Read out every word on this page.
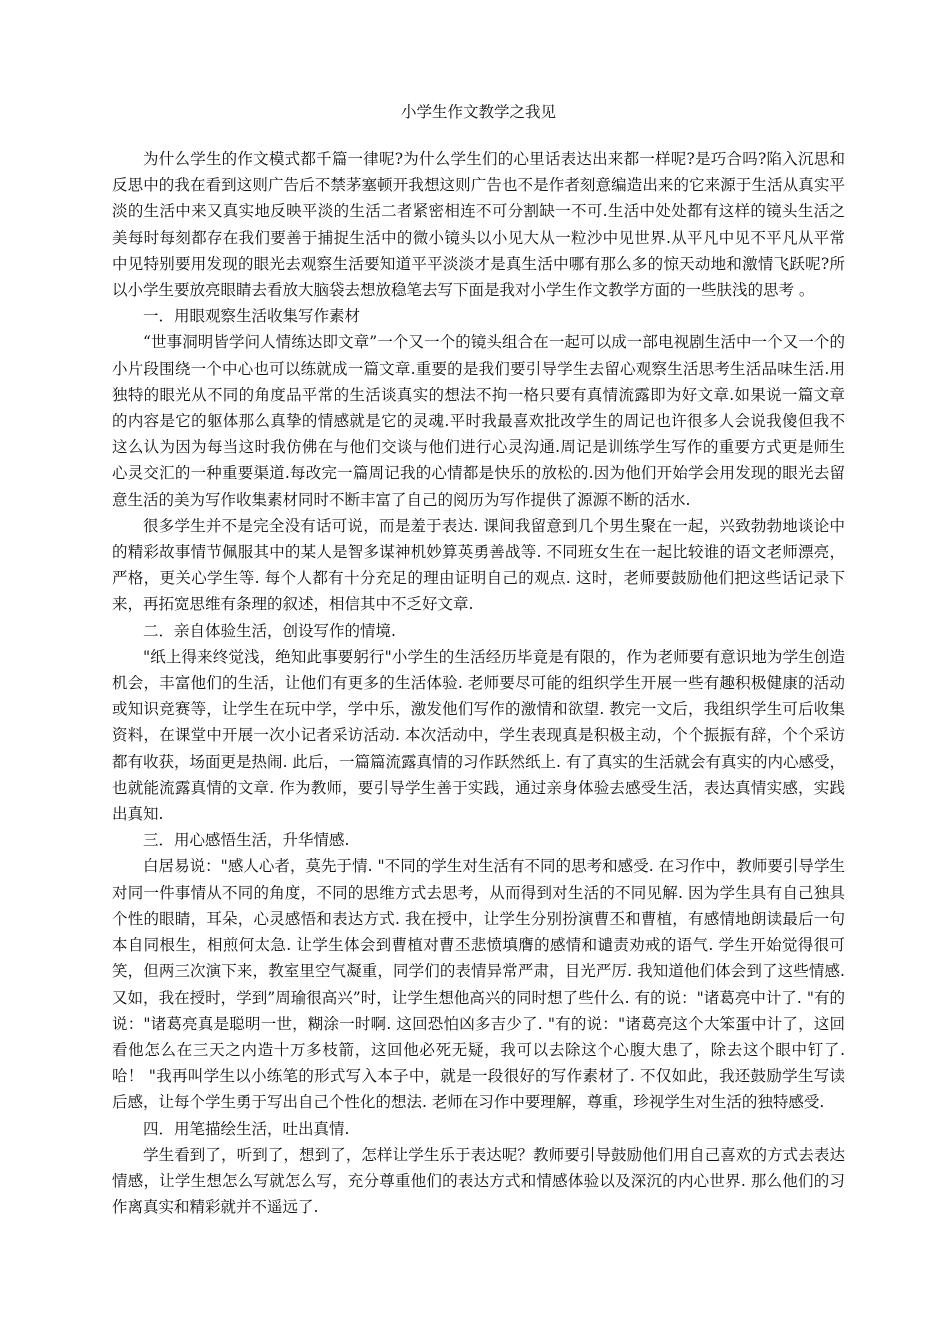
小学生作文教学之我见

为什么学生的作文模式都千篇一律呢?为什么学生们的心里话表达出来都一样呢?是巧合吗?陷入沉思和反思中的我在看到这则广告后不禁茅塞顿开我想这则广告也不是作者刻意编造出来的它来源于生活从真实平淡的生活中来又真实地反映平淡的生活二者紧密相连不可分割缺一不可.生活中处处都有这样的镜头生活之美每时每刻都存在我们要善于捕捉生活中的微小镜头以小见大从一粒沙中见世界.从平凡中见不平凡从平常中见特别要用发现的眼光去观察生活要知道平平淡淡才是真生活中哪有那么多的惊天动地和激情飞跃呢?所以小学生要放亮眼睛去看放大脑袋去想放稳笔去写下面是我对小学生作文教学方面的一些肤浅的思考 。

一．用眼观察生活收集写作素材

“世事洞明皆学问人情练达即文章”一个又一个的镜头组合在一起可以成一部电视剧生活中一个又一个的小片段围绕一个中心也可以练就成一篇文章.重要的是我们要引导学生去留心观察生活思考生活品味生活.用独特的眼光从不同的角度品平常的生活谈真实的想法不拘一格只要有真情流露即为好文章.如果说一篇文章的内容是它的躯体那么真挚的情感就是它的灵魂.平时我最喜欢批改学生的周记也许很多人会说我傻但我不这么认为因为每当这时我仿佛在与他们交谈与他们进行心灵沟通.周记是训练学生写作的重要方式更是师生心灵交汇的一种重要渠道.每改完一篇周记我的心情都是快乐的放松的.因为他们开始学会用发现的眼光去留意生活的美为写作收集素材同时不断丰富了自己的阅历为写作提供了源源不断的活水.

很多学生并不是完全没有话可说，而是羞于表达. 课间我留意到几个男生聚在一起，兴致勃勃地谈论中的精彩故事情节佩服其中的某人是智多谋神机妙算英勇善战等. 不同班女生在一起比较谁的语文老师漂亮，严格，更关心学生等. 每个人都有十分充足的理由证明自己的观点. 这时，老师要鼓励他们把这些话记录下来，再拓宽思维有条理的叙述，相信其中不乏好文章.

二．亲自体验生活，创设写作的情境.

"纸上得来终觉浅，绝知此事要躬行"小学生的生活经历毕竟是有限的，作为老师要有意识地为学生创造机会，丰富他们的生活，让他们有更多的生活体验. 老师要尽可能的组织学生开展一些有趣积极健康的活动或知识竞赛等，让学生在玩中学，学中乐，激发他们写作的激情和欲望. 教完一文后，我组织学生可后收集资料，在课堂中开展一次小记者采访活动. 本次活动中，学生表现真是积极主动，个个振振有辞，个个采访都有收获，场面更是热闹. 此后，一篇篇流露真情的习作跃然纸上. 有了真实的生活就会有真实的内心感受，也就能流露真情的文章. 作为教师，要引导学生善于实践，通过亲身体验去感受生活，表达真情实感，实践出真知.

三．用心感悟生活，升华情感.

白居易说："感人心者，莫先于情. "不同的学生对生活有不同的思考和感受. 在习作中，教师要引导学生对同一件事情从不同的角度，不同的思维方式去思考，从而得到对生活的不同见解. 因为学生具有自己独具个性的眼睛，耳朵，心灵感悟和表达方式. 我在授中，让学生分别扮演曹丕和曹植，有感情地朗读最后一句本自同根生，相煎何太急. 让学生体会到曹植对曹丕悲愤填膺的感情和谴责劝戒的语气. 学生开始觉得很可笑，但两三次演下来，教室里空气凝重，同学们的表情异常严肃，目光严厉. 我知道他们体会到了这些情感. 又如，我在授时，学到”周瑜很高兴”时，让学生想他高兴的同时想了些什么. 有的说："诸葛亮中计了. "有的说："诸葛亮真是聪明一世，糊涂一时啊. 这回恐怕凶多吉少了. "有的说："诸葛亮这个大笨蛋中计了，这回看他怎么在三天之内造十万多枝箭，这回他必死无疑，我可以去除这个心腹大患了，除去这个眼中钉了. 哈！ "我再叫学生以小练笔的形式写入本子中，就是一段很好的写作素材了. 不仅如此，我还鼓励学生写读后感，让每个学生勇于写出自己个性化的想法. 老师在习作中要理解，尊重，珍视学生对生活的独特感受.

四．用笔描绘生活，吐出真情.

学生看到了，听到了，想到了，怎样让学生乐于表达呢？教师要引导鼓励他们用自己喜欢的方式去表达情感，让学生想怎么写就怎么写，充分尊重他们的表达方式和情感体验以及深沉的内心世界. 那么他们的习作离真实和精彩就并不遥远了.
